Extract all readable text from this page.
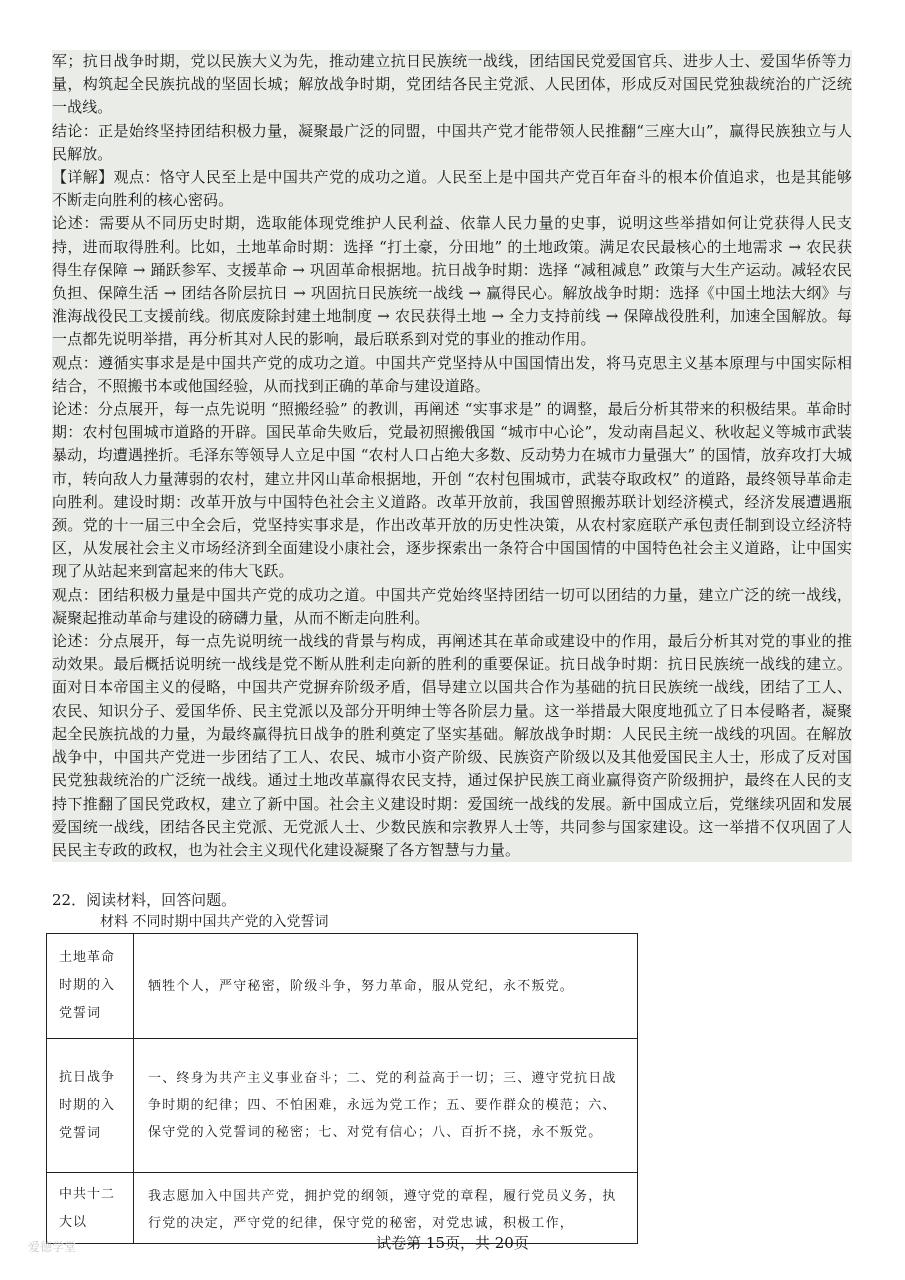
军；抗日战争时期，党以民族大义为先，推动建立抗日民族统一战线，团结国民党爱国官兵、进步人士、爱国华侨等力量，构筑起全民族抗战的坚固长城；解放战争时期，党团结各民主党派、人民团体，形成反对国民党独裁统治的广泛统一战线。

结论：正是始终坚持团结积极力量，凝聚最广泛的同盟，中国共产党才能带领人民推翻“三座大山”，赢得民族独立与人民解放。

【详解】观点：恪守人民至上是中国共产党的成功之道。人民至上是中国共产党百年奋斗的根本价值追求，也是其能够不断走向胜利的核心密码。

论述：需要从不同历史时期，选取能体现党维护人民利益、依靠人民力量的史事，说明这些举措如何让党获得人民支持，进而取得胜利。比如，土地革命时期：选择 “打土豪，分田地” 的土地政策。满足农民最核心的土地需求 → 农民获得生存保障 → 踊跃参军、支援革命 → 巩固革命根据地。抗日战争时期：选择 “减租减息” 政策与大生产运动。减轻农民负担、保障生活 → 团结各阶层抗日 → 巩固抗日民族统一战线 → 赢得民心。解放战争时期：选择《中国土地法大纲》与淮海战役民工支援前线。彻底废除封建土地制度 → 农民获得土地 → 全力支持前线 → 保障战役胜利，加速全国解放。每一点都先说明举措，再分析其对人民的影响，最后联系到对党的事业的推动作用。

观点：遵循实事求是是中国共产党的成功之道。中国共产党坚持从中国国情出发，将马克思主义基本原理与中国实际相结合，不照搬书本或他国经验，从而找到正确的革命与建设道路。

论述：分点展开，每一点先说明 “照搬经验” 的教训，再阐述 “实事求是” 的调整，最后分析其带来的积极结果。革命时期：农村包围城市道路的开辟。国民革命失败后，党最初照搬俄国 “城市中心论”，发动南昌起义、秋收起义等城市武装暴动，均遭遇挫折。毛泽东等领导人立足中国 “农村人口占绝大多数、反动势力在城市力量强大” 的国情，放弃攻打大城市，转向敌人力量薄弱的农村，建立井冈山革命根据地，开创 “农村包围城市，武装夺取政权” 的道路，最终领导革命走向胜利。建设时期：改革开放与中国特色社会主义道路。改革开放前，我国曾照搬苏联计划经济模式，经济发展遭遇瓶颈。党的十一届三中全会后，党坚持实事求是，作出改革开放的历史性决策，从农村家庭联产承包责任制到设立经济特区，从发展社会主义市场经济到全面建设小康社会，逐步探索出一条符合中国国情的中国特色社会主义道路，让中国实现了从站起来到富起来的伟大飞跃。

观点：团结积极力量是中国共产党的成功之道。中国共产党始终坚持团结一切可以团结的力量，建立广泛的统一战线，凝聚起推动革命与建设的磅礴力量，从而不断走向胜利。

论述：分点展开，每一点先说明统一战线的背景与构成，再阐述其在革命或建设中的作用，最后分析其对党的事业的推动效果。最后概括说明统一战线是党不断从胜利走向新的胜利的重要保证。抗日战争时期：抗日民族统一战线的建立。面对日本帝国主义的侵略，中国共产党摒弃阶级矛盾，倡导建立以国共合作为基础的抗日民族统一战线，团结了工人、农民、知识分子、爱国华侨、民主党派以及部分开明绅士等各阶层力量。这一举措最大限度地孤立了日本侵略者，凝聚起全民族抗战的力量，为最终赢得抗日战争的胜利奠定了坚实基础。解放战争时期：人民民主统一战线的巩固。在解放战争中，中国共产党进一步团结了工人、农民、城市小资产阶级、民族资产阶级以及其他爱国民主人士，形成了反对国民党独裁统治的广泛统一战线。通过土地改革赢得农民支持，通过保护民族工商业赢得资产阶级拥护，最终在人民的支持下推翻了国民党政权，建立了新中国。社会主义建设时期：爱国统一战线的发展。新中国成立后，党继续巩固和发展爱国统一战线，团结各民主党派、无党派人士、少数民族和宗教界人士等，共同参与国家建设。这一举措不仅巩固了人民民主专政的政权，也为社会主义现代化建设凝聚了各方智慧与力量。

22．阅读材料，回答问题。
材料 不同时期中国共产党的入党誓词
土地革命时期的入党誓词	牺牲个人，严守秘密，阶级斗争，努力革命，服从党纪，永不叛党。
抗日战争时期的入党誓词	一、终身为共产主义事业奋斗；二、党的利益高于一切；三、遵守党抗日战争时期的纪律；四、不怕困难，永远为党工作；五、要作群众的模范；六、保守党的入党誓词的秘密；七、对党有信心；八、百折不挠，永不叛党。
中共十二大以	我志愿加入中国共产党，拥护党的纲领，遵守党的章程，履行党员义务，执行党的决定，严守党的纪律，保守党的秘密，对党忠诚，积极工作，
爱德学堂	试卷第 15页，共 20页
